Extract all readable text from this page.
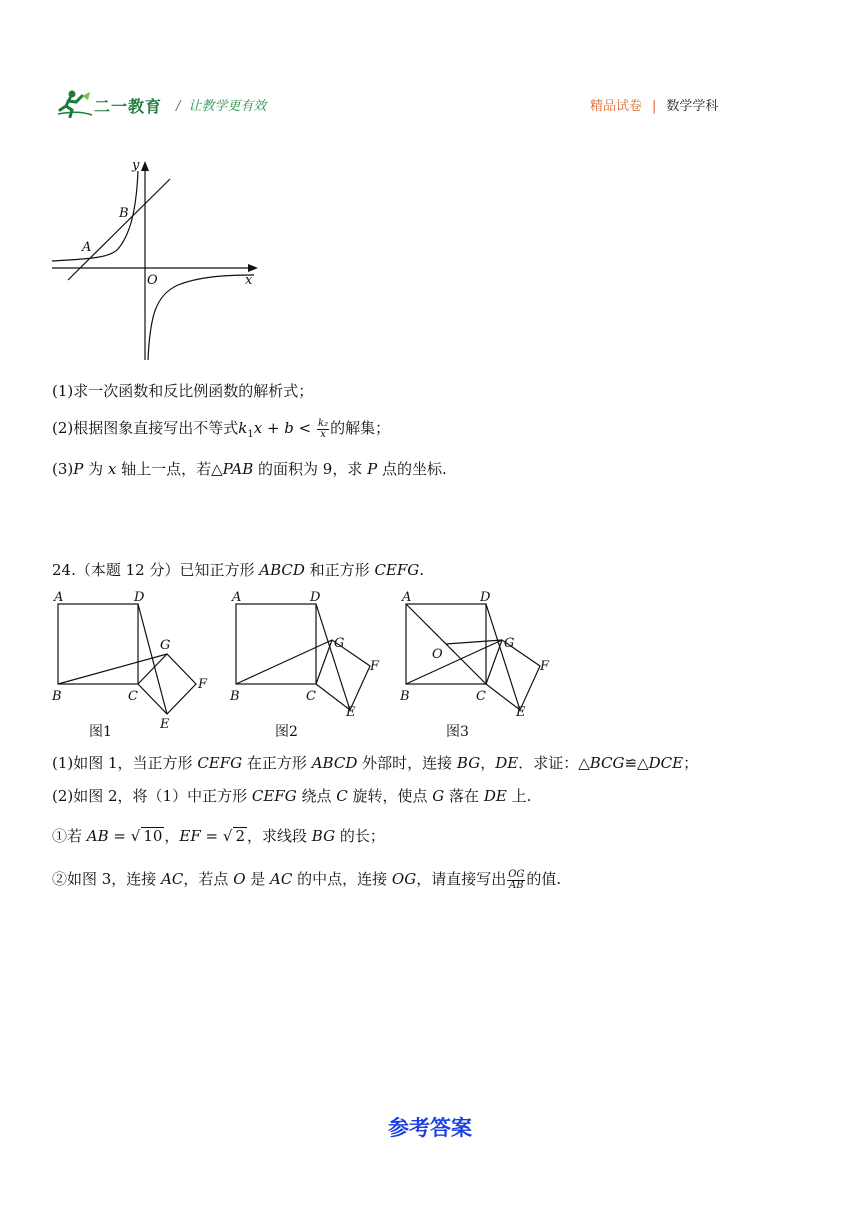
二一教育 / 让教学更有效	精品试卷 | 数学学科
y
x
O
A
B
(1)求一次函数和反比例函数的解析式；
(2)根据图象直接写出不等式$k_1x + b < \frac{\text{k₂}}{x}$ 的解集；
(3)P 为 x 轴上一点，若△PAB 的面积为 9，求 P 点的坐标.
24.（本题 12 分）已知正方形 ABCD 和正方形 CEFG.
A	D
B	C
G
F
E
图1
A	D
B	C
G
F
E
图2
A	D
B	C
G
F
E
O
图3
(1)如图 1，当正方形 CEFG 在正方形 ABCD 外部时，连接 BG，DE．求证：△BCG≌△DCE；
(2)如图 2，将（1）中正方形 CEFG 绕点 C 旋转，使点 G 落在 DE 上.
①若 AB = √ 10 ，EF = √ 2 ，求线段 BG 的长；
②如图 3，连接 AC，若点 O 是 AC 的中点，连接 OG，请直接写出 $\frac{OG}{AB}$ 的值.
参考答案
